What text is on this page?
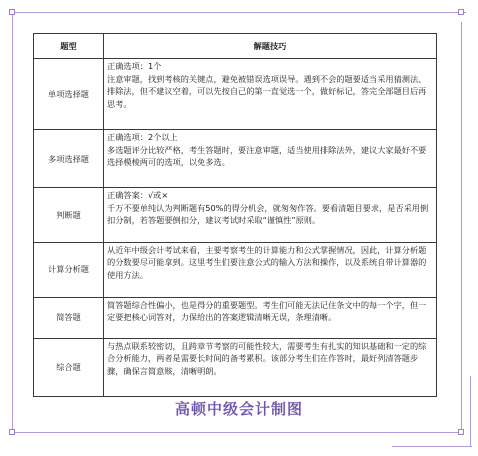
题型	解题技巧
单项选择题	正确选项：1个
注意审题，找到考核的关键点，避免被错误选项误导。遇到不会的题要适当采用猜测法、排除法，但不建议空着，可以先按自己的第一直觉选一个，做好标记，答完全部题目后再思考。

多项选择题	正确选项：2个以上
多选题评分比较严格，考生答题时，要注意审题，适当使用排除法外，建议大家最好不要选择模棱两可的选项，以免多选。

判断题	正确答案：√或×
千万不要单纯认为判断题有50%的得分机会，就匆匆作答。要看清题目要求，是否采用倒扣分制，若答题要倒扣分，建议考试时采取“谨慎性”原则。

计算分析题	从近年中级会计考试来看，主要考察考生的计算能力和公式掌握情况，因此，计算分析题的分数要尽可能拿到。这里考生们要注意公式的输入方法和操作，以及系统自带计算器的使用方法。

简答题	简答题综合性偏小，也是得分的重要题型。考生们可能无法记住条文中的每一个字，但一定要把核心词答对，力保给出的答案逻辑清晰无误，条理清晰。

综合题	与热点联系较密切，且跨章节考察的可能性较大，需要考生有扎实的知识基础和一定的综合分析能力，两者是需要长时间的备考累积。该部分考生们在作答时，最好列清答题步骤，确保言简意赅，清晰明朗。
高顿中级会计制图
